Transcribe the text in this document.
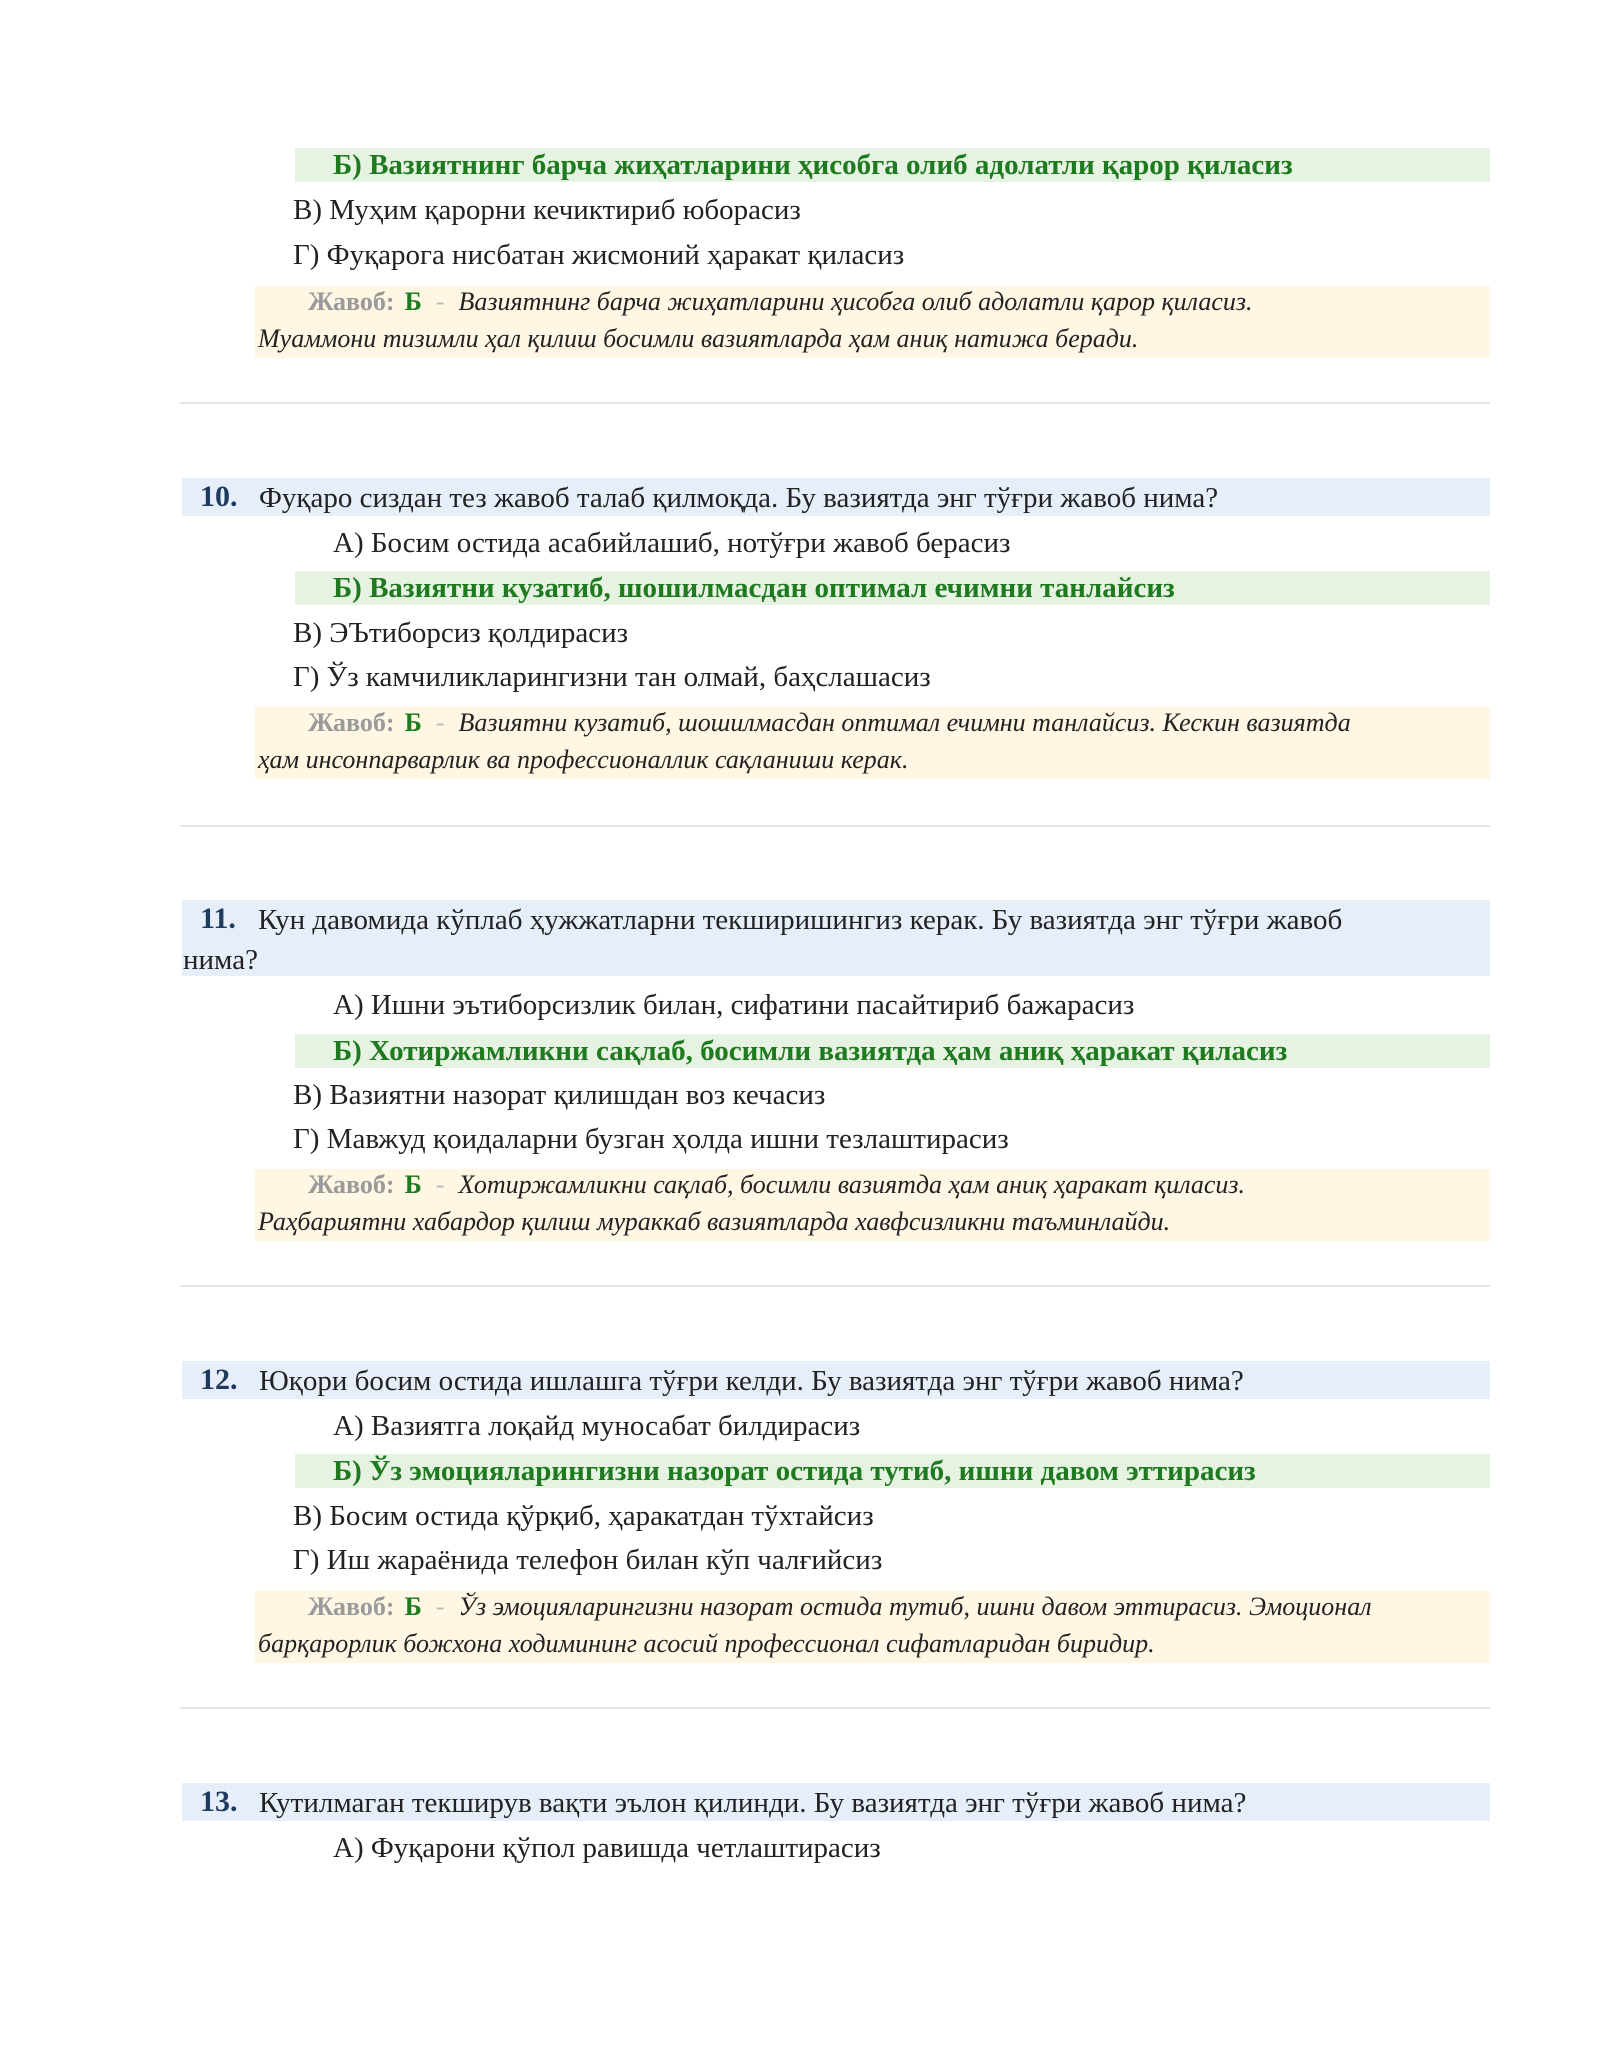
Б) Вазиятнинг барча жиҳатларини ҳисобга олиб адолатли қарор қиласиз
В) Муҳим қарорни кечиктириб юборасиз
Г) Фуқарога нисбатан жисмоний ҳаракат қиласиз
Жавоб: Б - Вазиятнинг барча жиҳатларини ҳисобга олиб адолатли қарор қиласиз.
Муаммони тизимли ҳал қилиш босимли вазиятларда ҳам аниқ натижа беради.
10. Фуқаро сиздан тез жавоб талаб қилмоқда. Бу вазиятда энг тўғри жавоб нима?
А) Босим остида асабийлашиб, нотўғри жавоб берасиз
Б) Вазиятни кузатиб, шошилмасдан оптимал ечимни танлайсиз
В) ЭЪтиборсиз қолдирасиз
Г) Ўз камчиликларингизни тан олмай, баҳслашасиз
Жавоб: Б - Вазиятни кузатиб, шошилмасдан оптимал ечимни танлайсиз. Кескин вазиятда
ҳам инсонпарварлик ва профессионаллик сақланиши керак.
11. Кун давомида кўплаб ҳужжатларни текширишингиз керак. Бу вазиятда энг тўғри жавоб
нима?
А) Ишни эътиборсизлик билан, сифатини пасайтириб бажарасиз
Б) Хотиржамликни сақлаб, босимли вазиятда ҳам аниқ ҳаракат қиласиз
В) Вазиятни назорат қилишдан воз кечасиз
Г) Мавжуд қоидаларни бузган ҳолда ишни тезлаштирасиз
Жавоб: Б - Хотиржамликни сақлаб, босимли вазиятда ҳам аниқ ҳаракат қиласиз.
Раҳбариятни хабардор қилиш мураккаб вазиятларда хавфсизликни таъминлайди.
12. Юқори босим остида ишлашга тўғри келди. Бу вазиятда энг тўғри жавоб нима?
А) Вазиятга лоқайд муносабат билдирасиз
Б) Ўз эмоцияларингизни назорат остида тутиб, ишни давом эттирасиз
В) Босим остида қўрқиб, ҳаракатдан тўхтайсиз
Г) Иш жараёнида телефон билан кўп чалғийсиз
Жавоб: Б - Ўз эмоцияларингизни назорат остида тутиб, ишни давом эттирасиз. Эмоционал
барқарорлик божхона ходимининг асосий профессионал сифатларидан биридир.
13. Кутилмаган текширув вақти эълон қилинди. Бу вазиятда энг тўғри жавоб нима?
А) Фуқарони қўпол равишда четлаштирасиз
